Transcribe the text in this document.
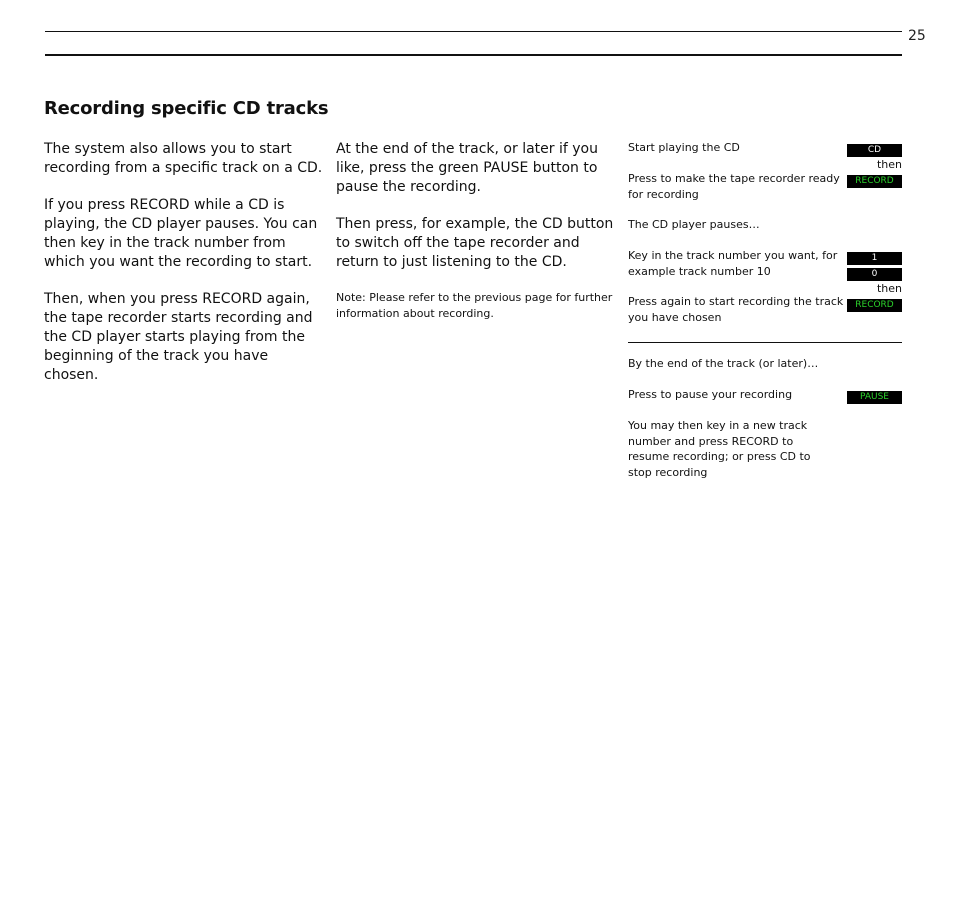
25
Recording specific CD tracks

The system also allows you to start recording from a specific track on a CD.

If you press RECORD while a CD is playing, the CD player pauses. You can then key in the track number from which you want the recording to start.

Then, when you press RECORD again, the tape recorder starts recording and the CD player starts playing from the beginning of the track you have chosen.

At the end of the track, or later if you like, press the green PAUSE button to pause the recording.

Then press, for example, the CD button to switch off the tape recorder and return to just listening to the CD.

Note: Please refer to the previous page for further information about recording.

Start playing the CD	CD
then

Press to make the tape recorder ready for recording

RECORD

The CD player pauses…

Key in the track number you want, for example track number 10

1
0
then

Press again to start recording the track you have chosen

RECORD

By the end of the track (or later)…

Press to pause your recording	PAUSE

You may then key in a new track number and press RECORD to resume recording; or press CD to stop recording
